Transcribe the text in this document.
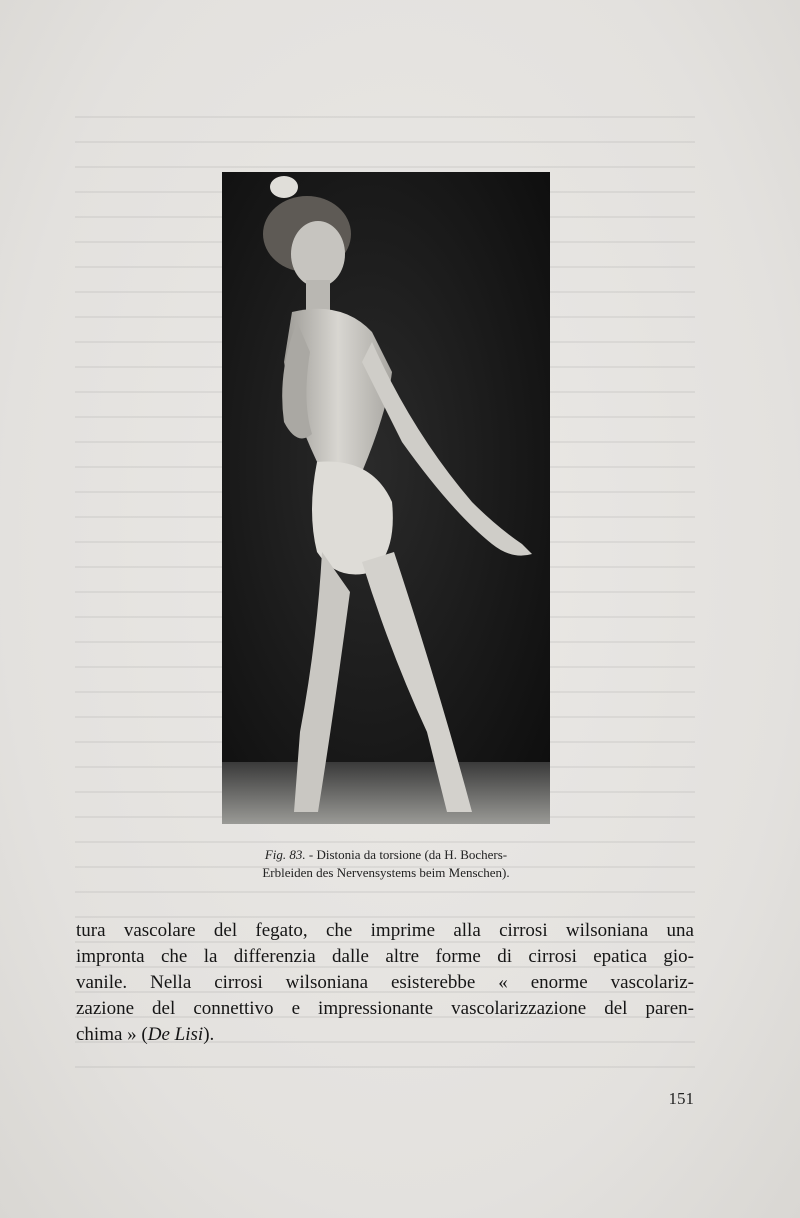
Fig. 83. - Distonia da torsione (da H. Bochers-
Erbleiden des Nervensystems beim Menschen).
tura vascolare del fegato, che imprime alla cirrosi wilsoniana una
impronta che la differenzia dalle altre forme di cirrosi epatica gio-
vanile. Nella cirrosi wilsoniana esisterebbe « enorme vascolariz-
zazione del connettivo e impressionante vascolarizzazione del paren-
chima » (De Lisi).
151
